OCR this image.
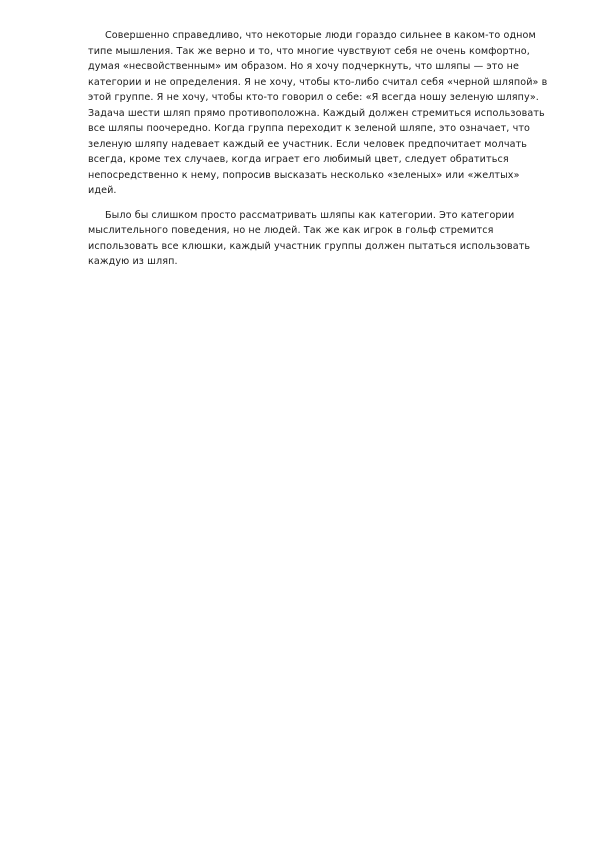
Совершенно справедливо, что некоторые люди гораздо сильнее в каком-то одном типе мышления. Так же верно и то, что многие чувствуют себя не очень комфортно, думая «несвойственным» им образом. Но я хочу подчеркнуть, что шляпы — это не категории и не определения. Я не хочу, чтобы кто-либо считал себя «черной шляпой» в этой группе. Я не хочу, чтобы кто-то говорил о себе: «Я всегда ношу зеленую шляпу». Задача шести шляп прямо противоположна. Каждый должен стремиться использовать все шляпы поочередно. Когда группа переходит к зеленой шляпе, это означает, что зеленую шляпу надевает каждый ее участник. Если человек предпочитает молчать всегда, кроме тех случаев, когда играет его любимый цвет, следует обратиться непосредственно к нему, попросив высказать несколько «зеленых» или «желтых» идей.

Было бы слишком просто рассматривать шляпы как категории. Это категории мыслительного поведения, но не людей. Так же как игрок в гольф стремится использовать все клюшки, каждый участник группы должен пытаться использовать каждую из шляп.
